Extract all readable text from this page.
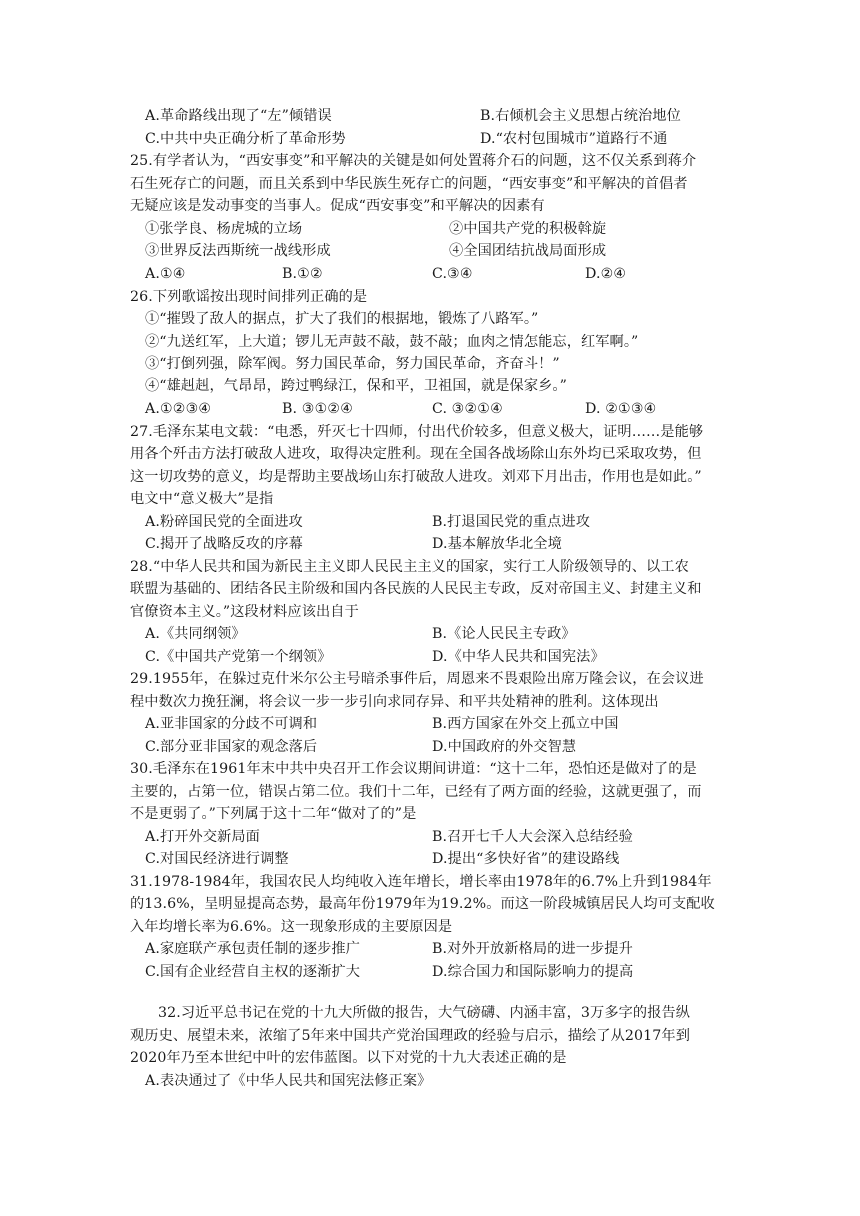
A.革命路线出现了“左”倾错误	B.右倾机会主义思想占统治地位
C.中共中央正确分析了革命形势	D.“农村包围城市”道路行不通
25.有学者认为，“西安事变”和平解决的关键是如何处置蒋介石的问题，这不仅关系到蒋介
石生死存亡的问题，而且关系到中华民族生死存亡的问题，“西安事变”和平解决的首倡者
无疑应该是发动事变的当事人。促成“西安事变”和平解决的因素有
①张学良、杨虎城的立场	②中国共产党的积极斡旋
③世界反法西斯统一战线形成	④全国团结抗战局面形成
A.①④	B.①②	C.③④	D.②④
26.下列歌谣按出现时间排列正确的是
①“摧毁了敌人的据点，扩大了我们的根据地，锻炼了八路军。”
②“九送红军，上大道；锣儿无声鼓不敲，鼓不敲；血肉之情怎能忘，红军啊。”
③“打倒列强，除军阀。努力国民革命，努力国民革命，齐奋斗！”
④“雄赳赳，气昂昂，跨过鸭绿江，保和平，卫祖国，就是保家乡。”
A.①②③④	B. ③①②④	C. ③②①④	D. ②①③④
27.毛泽东某电文载：“电悉，歼灭七十四师，付出代价较多，但意义极大，证明……是能够
用各个歼击方法打破敌人进攻，取得决定胜利。现在全国各战场除山东外均已采取攻势，但
这一切攻势的意义，均是帮助主要战场山东打破敌人进攻。刘邓下月出击，作用也是如此。”
电文中“意义极大”是指
A.粉碎国民党的全面进攻	B.打退国民党的重点进攻
C.揭开了战略反攻的序幕	D.基本解放华北全境
28.“中华人民共和国为新民主主义即人民民主主义的国家，实行工人阶级领导的、以工农
联盟为基础的、团结各民主阶级和国内各民族的人民民主专政，反对帝国主义、封建主义和
官僚资本主义。”这段材料应该出自于
A.《共同纲领》	B.《论人民民主专政》
C.《中国共产党第一个纲领》	D.《中华人民共和国宪法》
29.1955年，在躲过克什米尔公主号暗杀事件后，周恩来不畏艰险出席万隆会议，在会议进
程中数次力挽狂澜，将会议一步一步引向求同存异、和平共处精神的胜利。这体现出
A.亚非国家的分歧不可调和	B.西方国家在外交上孤立中国
C.部分亚非国家的观念落后	D.中国政府的外交智慧
30.毛泽东在1961年末中共中央召开工作会议期间讲道：“这十二年，恐怕还是做对了的是
主要的，占第一位，错误占第二位。我们十二年，已经有了两方面的经验，这就更强了，而
不是更弱了。”下列属于这十二年“做对了的”是
A.打开外交新局面	B.召开七千人大会深入总结经验
C.对国民经济进行调整	D.提出“多快好省”的建设路线
31.1978-1984年，我国农民人均纯收入连年增长，增长率由1978年的6.7%上升到1984年
的13.6%，呈明显提高态势，最高年份1979年为19.2%。而这一阶段城镇居民人均可支配收
入年均增长率为6.6%。这一现象形成的主要原因是
A.家庭联产承包责任制的逐步推广	B.对外开放新格局的进一步提升
C.国有企业经营自主权的逐渐扩大	D.综合国力和国际影响力的提高
32.习近平总书记在党的十九大所做的报告，大气磅礴、内涵丰富，3万多字的报告纵
观历史、展望未来，浓缩了5年来中国共产党治国理政的经验与启示，描绘了从2017年到
2020年乃至本世纪中叶的宏伟蓝图。以下对党的十九大表述正确的是
A.表决通过了《中华人民共和国宪法修正案》
